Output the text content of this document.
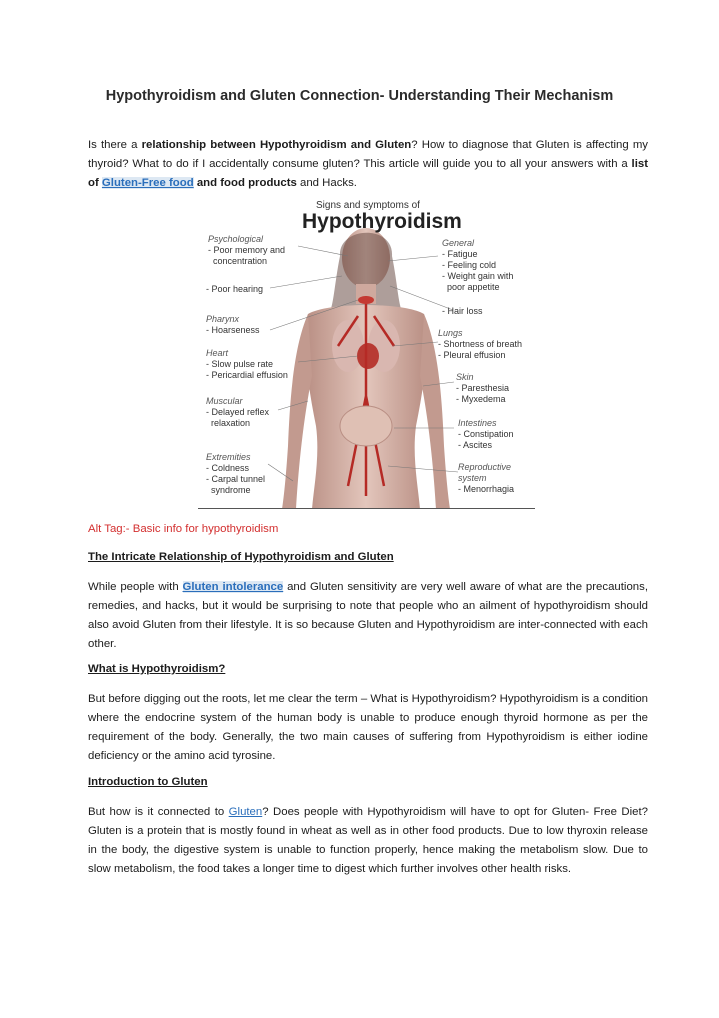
Hypothyroidism and Gluten Connection- Understanding Their Mechanism
Is there a relationship between Hypothyroidism and Gluten? How to diagnose that Gluten is affecting my thyroid? What to do if I accidentally consume gluten? This article will guide you to all your answers with a list of Gluten-Free food and food products and Hacks.
Signs and symptoms of
Hypothyroidism
Psychological
- Poor memory and
concentration
- Poor hearing
Pharynx
- Hoarseness
Heart
- Slow pulse rate
- Pericardial effusion
Muscular
- Delayed reflex
relaxation
Extremities
- Coldness
- Carpal tunnel
syndrome
General
- Fatigue
- Feeling cold
- Weight gain with
poor appetite
- Hair loss
Lungs
- Shortness of breath
- Pleural effusion
Skin
- Paresthesia
- Myxedema
Intestines
- Constipation
- Ascites
Reproductive
system
- Menorrhagia
Alt Tag:- Basic info for hypothyroidism
The Intricate Relationship of Hypothyroidism and Gluten
While people with Gluten intolerance and Gluten sensitivity are very well aware of what are the precautions, remedies, and hacks, but it would be surprising to note that people who an ailment of hypothyroidism should also avoid Gluten from their lifestyle. It is so because Gluten and Hypothyroidism are inter-connected with each other.
What is Hypothyroidism?
But before digging out the roots, let me clear the term – What is Hypothyroidism? Hypothyroidism is a condition where the endocrine system of the human body is unable to produce enough thyroid hormone as per the requirement of the body. Generally, the two main causes of suffering from Hypothyroidism is either iodine deficiency or the amino acid tyrosine.
Introduction to Gluten
But how is it connected to Gluten? Does people with Hypothyroidism will have to opt for Gluten- Free Diet? Gluten is a protein that is mostly found in wheat as well as in other food products. Due to low thyroxin release in the body, the digestive system is unable to function properly, hence making the metabolism slow. Due to slow metabolism, the food takes a longer time to digest which further involves other health risks.
